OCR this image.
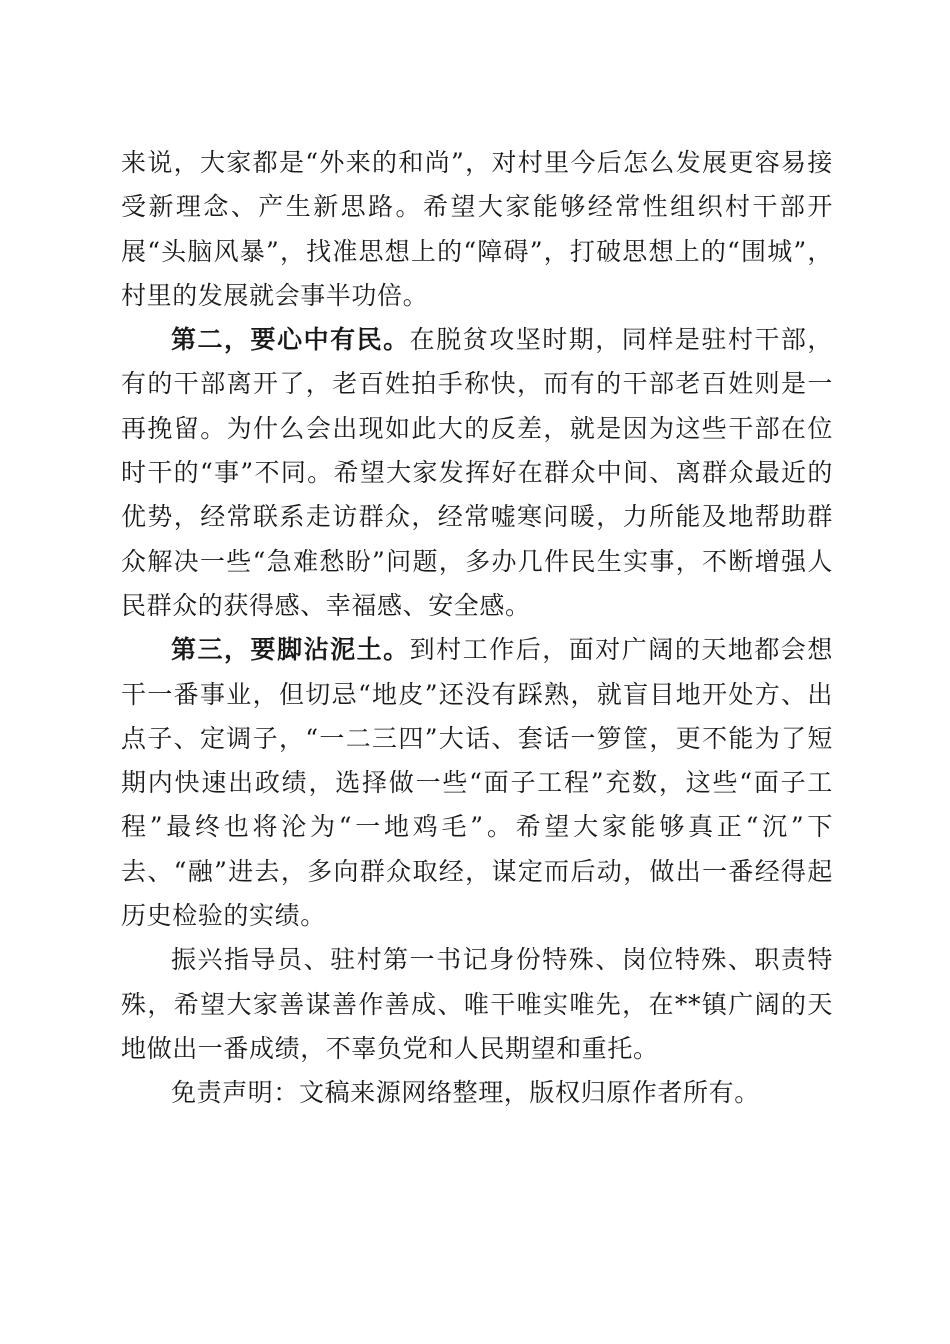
来说，大家都是“外来的和尚”，对村里今后怎么发展更容易接受新理念、产生新思路。希望大家能够经常性组织村干部开展“头脑风暴”，找准思想上的“障碍”，打破思想上的“围城”，村里的发展就会事半功倍。

第二，要心中有民。在脱贫攻坚时期，同样是驻村干部，有的干部离开了，老百姓拍手称快，而有的干部老百姓则是一再挽留。为什么会出现如此大的反差，就是因为这些干部在位时干的“事”不同。希望大家发挥好在群众中间、离群众最近的优势，经常联系走访群众，经常嘘寒问暖，力所能及地帮助群众解决一些“急难愁盼”问题，多办几件民生实事，不断增强人民群众的获得感、幸福感、安全感。

第三，要脚沾泥土。到村工作后，面对广阔的天地都会想干一番事业，但切忌“地皮”还没有踩熟，就盲目地开处方、出点子、定调子，“一二三四”大话、套话一箩筐，更不能为了短期内快速出政绩，选择做一些“面子工程”充数，这些“面子工程”最终也将沦为“一地鸡毛”。希望大家能够真正“沉”下去、“融”进去，多向群众取经，谋定而后动，做出一番经得起历史检验的实绩。

振兴指导员、驻村第一书记身份特殊、岗位特殊、职责特殊，希望大家善谋善作善成、唯干唯实唯先，在**镇广阔的天地做出一番成绩，不辜负党和人民期望和重托。

免责声明：文稿来源网络整理，版权归原作者所有。
